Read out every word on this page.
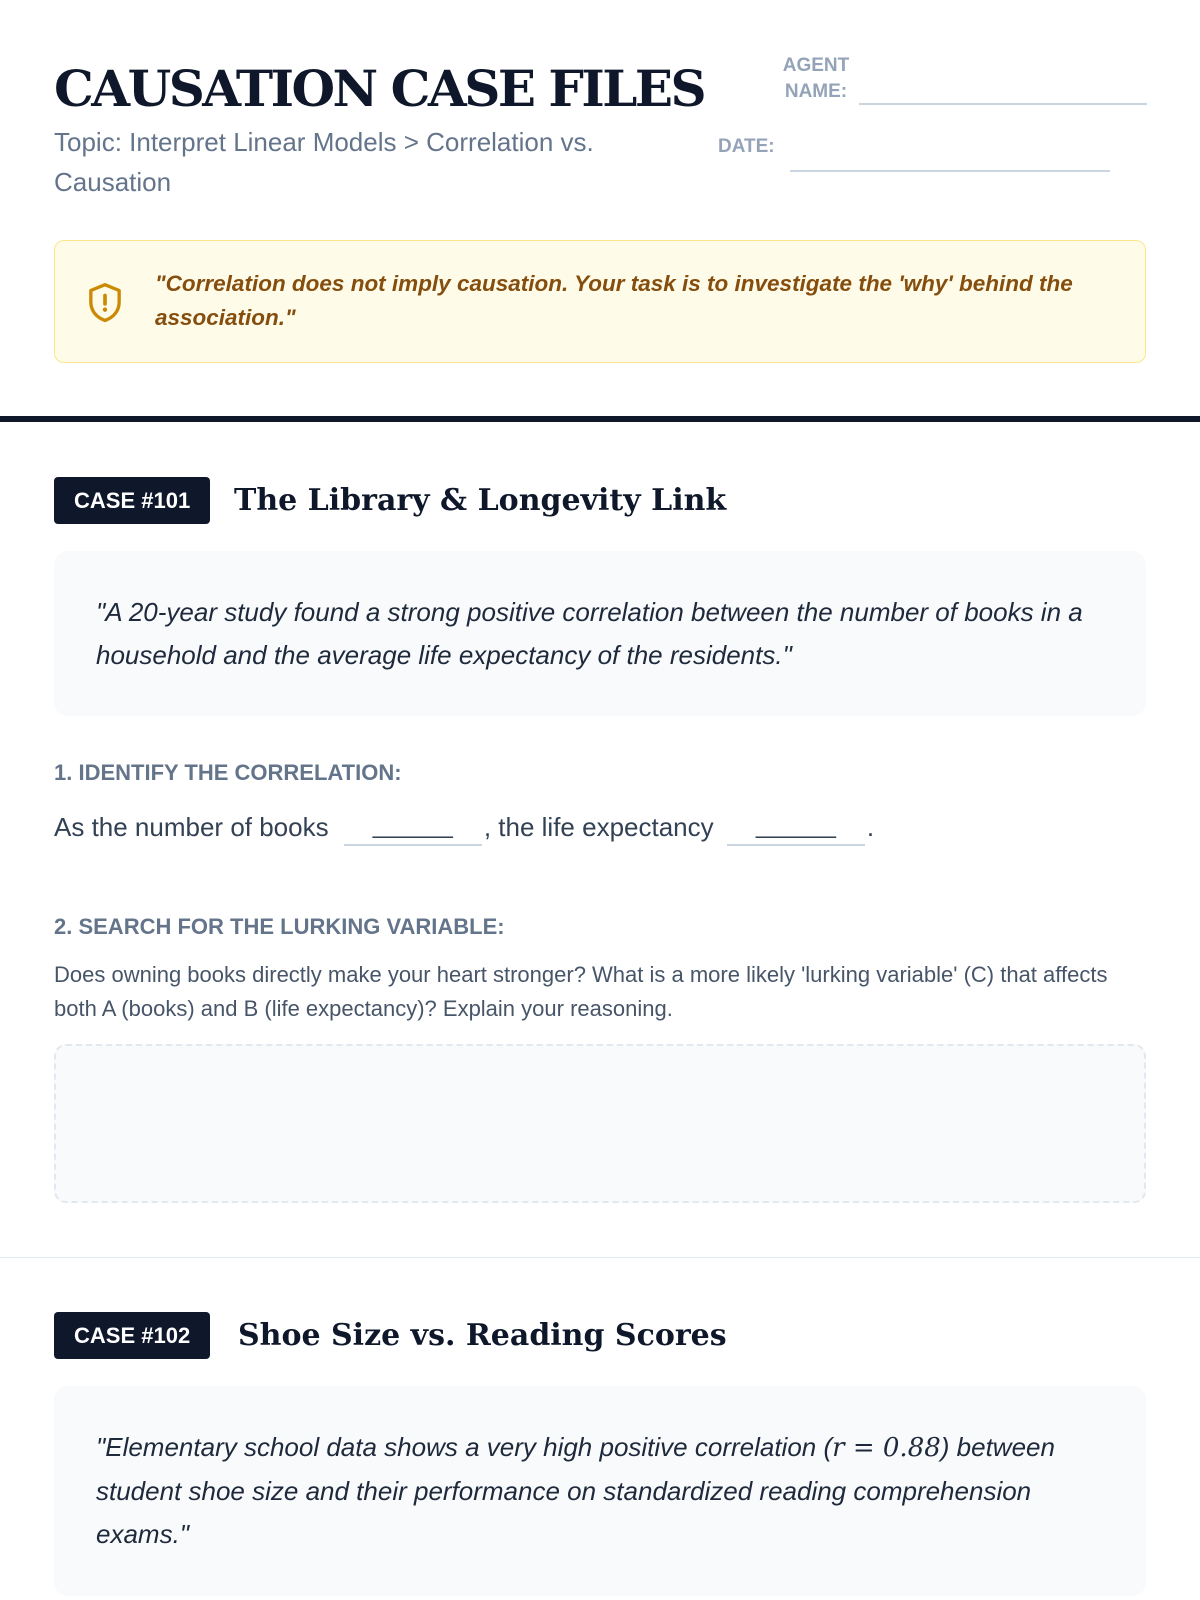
CAUSATION CASE FILES
Topic: Interpret Linear Models > Correlation vs. Causation
AGENT NAME:
DATE:
"Correlation does not imply causation. Your task is to investigate the 'why' behind the association."
CASE #101	The Library & Longevity Link
"A 20-year study found a strong positive correlation between the number of books in a household and the average life expectancy of the residents."
1. IDENTIFY THE CORRELATION:
As the number of books ______ , the life expectancy ______ .
2. SEARCH FOR THE LURKING VARIABLE:
Does owning books directly make your heart stronger? What is a more likely 'lurking variable' (C) that affects both A (books) and B (life expectancy)? Explain your reasoning.
CASE #102	Shoe Size vs. Reading Scores
"Elementary school data shows a very high positive correlation (r = 0.88) between student shoe size and their performance on standardized reading comprehension exams."
